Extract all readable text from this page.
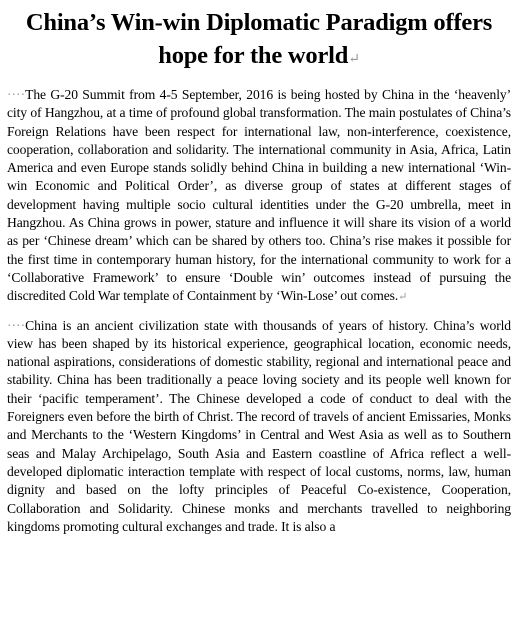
China’s Win-win Diplomatic Paradigm offers hope for the world↵

····The G-20 Summit from 4-5 September, 2016 is being hosted by China in the ‘heavenly’ city of Hangzhou, at a time of profound global transformation. The main postulates of China’s Foreign Relations have been respect for international law, non-interference, coexistence, cooperation, collaboration and solidarity. The international community in Asia, Africa, Latin America and even Europe stands solidly behind China in building a new international ‘Win-win Economic and Political Order’, as diverse group of states at different stages of development having multiple socio cultural identities under the G-20 umbrella, meet in Hangzhou. As China grows in power, stature and influence it will share its vision of a world as per ‘Chinese dream’ which can be shared by others too. China’s rise makes it possible for the first time in contemporary human history, for the international community to work for a ‘Collaborative Framework’ to ensure ‘Double win’ outcomes instead of pursuing the discredited Cold War template of Containment by ‘Win-Lose’ out comes.↵

····China is an ancient civilization state with thousands of years of history. China’s world view has been shaped by its historical experience, geographical location, economic needs, national aspirations, considerations of domestic stability, regional and international peace and stability. China has been traditionally a peace loving society and its people well known for their ‘pacific temperament’. The Chinese developed a code of conduct to deal with the Foreigners even before the birth of Christ. The record of travels of ancient Emissaries, Monks and Merchants to the ‘Western Kingdoms’ in Central and West Asia as well as to Southern seas and Malay Archipelago, South Asia and Eastern coastline of Africa reflect a well-developed diplomatic interaction template with respect of local customs, norms, law, human dignity and based on the lofty principles of Peaceful Co-existence, Cooperation, Collaboration and Solidarity. Chinese monks and merchants travelled to neighboring kingdoms promoting cultural exchanges and trade. It is also a
